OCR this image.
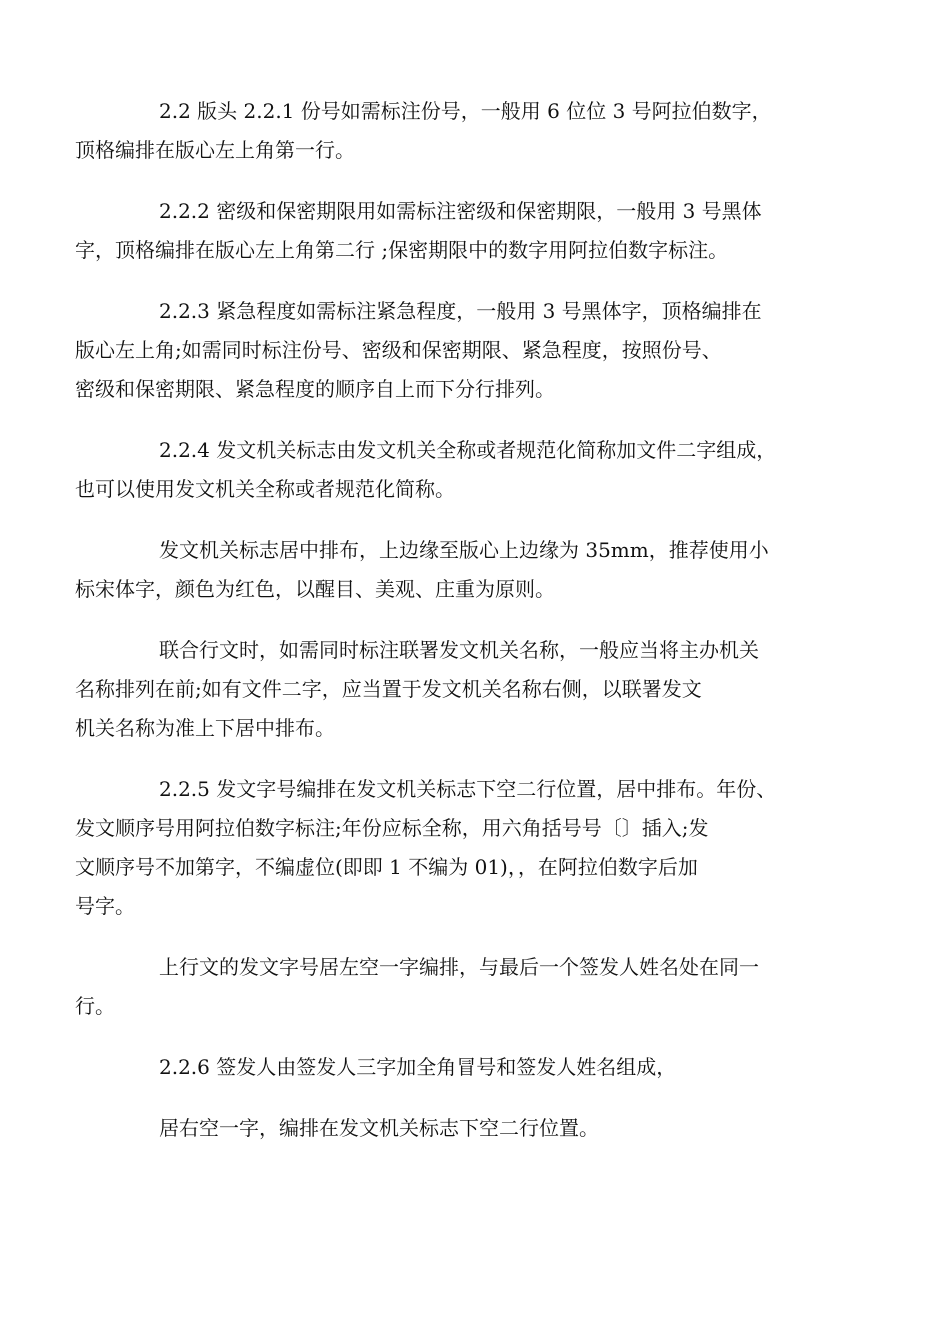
2.2 版头 2.2.1 份号如需标注份号，一般用 6 位位 3 号阿拉伯数字，
顶格编排在版心左上角第一行。

2.2.2 密级和保密期限用如需标注密级和保密期限，一般用 3 号黑体
字，顶格编排在版心左上角第二行 ;保密期限中的数字用阿拉伯数字标注。

2.2.3 紧急程度如需标注紧急程度，一般用 3 号黑体字，顶格编排在
版心左上角;如需同时标注份号、密级和保密期限、紧急程度，按照份号、
密级和保密期限、紧急程度的顺序自上而下分行排列。

2.2.4 发文机关标志由发文机关全称或者规范化简称加文件二字组成，
也可以使用发文机关全称或者规范化简称。

发文机关标志居中排布，上边缘至版心上边缘为 35mm，推荐使用小
标宋体字，颜色为红色，以醒目、美观、庄重为原则。

联合行文时，如需同时标注联署发文机关名称，一般应当将主办机关
名称排列在前;如有文件二字，应当置于发文机关名称右侧，以联署发文
机关名称为准上下居中排布。

2.2.5 发文字号编排在发文机关标志下空二行位置，居中排布。年份、
发文顺序号用阿拉伯数字标注;年份应标全称，用六角括号号〔〕插入;发
文顺序号不加第字，不编虚位(即即 1 不编为 01)，，在阿拉伯数字后加
号字。

上行文的发文字号居左空一字编排，与最后一个签发人姓名处在同一
行。

2.2.6 签发人由签发人三字加全角冒号和签发人姓名组成，

居右空一字，编排在发文机关标志下空二行位置。
